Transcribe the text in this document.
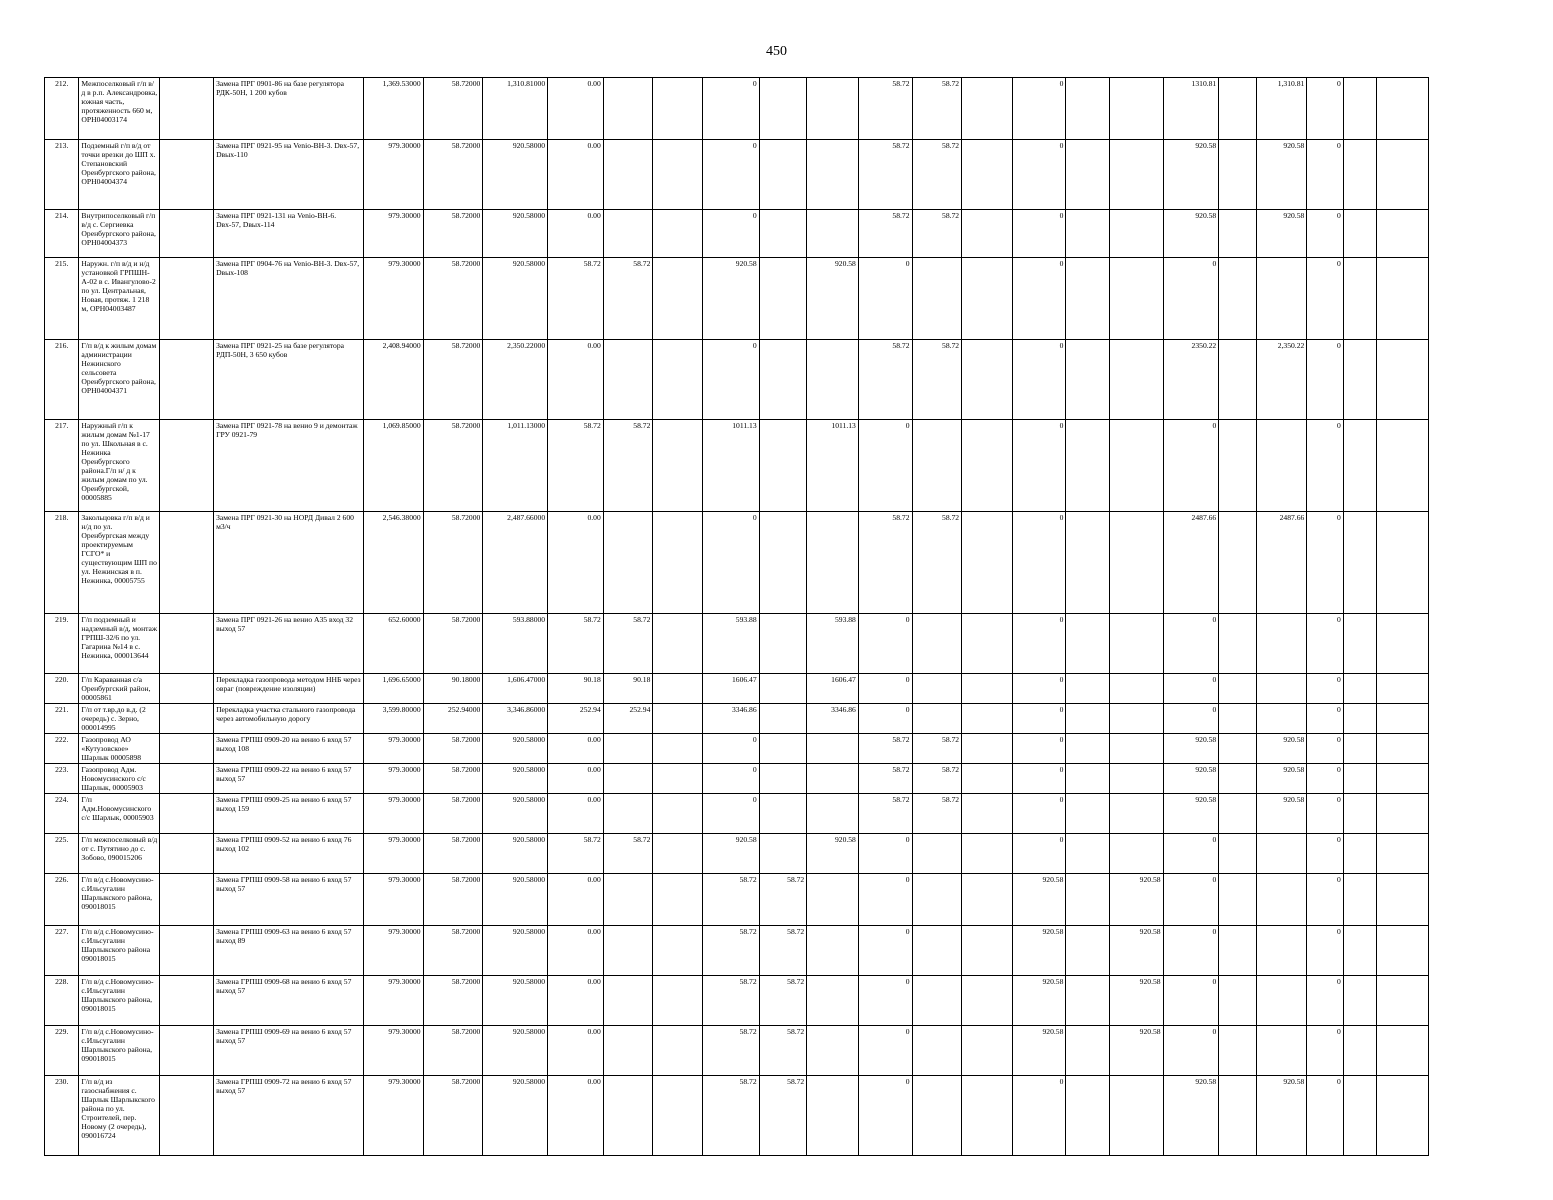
450
212.	Межпоселковый г/п в/д в р.п. Александровка, южная часть, протяженность 660 м, ОРН04003174		Замена ПРГ 0901-86 на базе регулятора РДК-50Н, 1 200 кубов	1,369.53000	58.72000	1,310.81000	0.00			0			58.72	58.72		0			1310.81		1,310.81	0		
213.	Подземный г/п в/д от точки врезки до ШП х. Степановский Оренбургского района, ОРН04004374		Замена ПРГ 0921-95 на Venio-ВН-3. Dвх-57, Dвых-110	979.30000	58.72000	920.58000	0.00			0			58.72	58.72		0			920.58		920.58	0		
214.	Внутрипоселковый г/п в/д с. Сергиевка Оренбургского района, ОРН04004373		Замена ПРГ 0921-131 на Venio-ВН-6. Dвх-57, Dвых-114	979.30000	58.72000	920.58000	0.00			0			58.72	58.72		0			920.58		920.58	0		
215.	Наружн. г/п в/д и н/д установкой ГРПШН-А-02 в с. Ивангулово-2 по ул. Центральная, Новая, протяж. 1 218 м, ОРН04003487		Замена ПРГ 0904-76 на Venio-ВН-3. Dвх-57, Dвых-108	979.30000	58.72000	920.58000	58.72	58.72		920.58		920.58	0			0			0			0		
216.	Г/п в/д к жилым домам администрации Нежинского сельсовета Оренбургского района, ОРН04004371		Замена ПРГ 0921-25 на базе регулятора РДП-50Н, 3 650 кубов	2,408.94000	58.72000	2,350.22000	0.00			0			58.72	58.72		0			2350.22		2,350.22	0		
217.	Наружный г/п к жилым домам №1-17 по ул. Школьная в с. Нежинка Оренбургского района.Г/п н/ д к жилым домам по ул. Оренбургской, 00005885		Замена ПРГ 0921-78 на венио 9 и демонтаж ГРУ 0921-79	1,069.85000	58.72000	1,011.13000	58.72	58.72		1011.13		1011.13	0			0			0			0		
218.	Закольцовка г/п в/д и н/д по ул. Оренбургская между проектируемым ГСГО* и существующим ШП по ул. Нежинская в п. Нежинка, 00005755		Замена ПРГ 0921-30 на НОРД Дивал 2 600 м3/ч	2,546.38000	58.72000	2,487.66000	0.00			0			58.72	58.72		0			2487.66		2487.66	0		
219.	Г/п подземный и надземный в/д, монтаж ГРПШ-32/6 по ул. Гагарина №14 в с. Нежинка, 000013644		Замена ПРГ 0921-26 на венио А35 вход 32 выход 57	652.60000	58.72000	593.88000	58.72	58.72		593.88		593.88	0			0			0			0		
220.	Г/п Караванная с/а Оренбургский район, 00005861		Перекладка газопровода методом ННБ через овраг (повреждение изоляции)	1,696.65000	90.18000	1,606.47000	90.18	90.18		1606.47		1606.47	0			0			0			0		
221.	Г/п от т.вр.до в.д. (2 очередь) с. Зерно, 000014995		Перекладка участка стального газопровода через автомобильную дорогу	3,599.80000	252.94000	3,346.86000	252.94	252.94		3346.86		3346.86	0			0			0			0		
222.	Газопровод АО «Кутузовское» Шарлык 00005898		Замена ГРПШ 0909-20 на венио 6 вход 57 выход 108	979.30000	58.72000	920.58000	0.00			0			58.72	58.72		0			920.58		920.58	0		
223.	Газопровод Адм. Новомусинского с/с Шарлык, 00005903		Замена ГРПШ 0909-22 на венио 6 вход 57 выход 57	979.30000	58.72000	920.58000	0.00			0			58.72	58.72		0			920.58		920.58	0		
224.	Г/п Адм.Новомусинского с/с Шарлык, 00005903		Замена ГРПШ 0909-25 на венио 6 вход 57 выход 159	979.30000	58.72000	920.58000	0.00			0			58.72	58.72		0			920.58		920.58	0		
225.	Г/п межпоселковый в/д от с. Путятино до с. Зобово, 090015206		Замена ГРПШ 0909-52 на венио 6 вход 76 выход 102	979.30000	58.72000	920.58000	58.72	58.72		920.58		920.58	0			0			0			0		
226.	Г/п в/д с.Новомусино-с.Ильсугалин Шарлыкского района, 090018015		Замена ГРПШ 0909-58 на венио 6 вход 57 выход 57	979.30000	58.72000	920.58000	0.00			58.72	58.72		0			920.58		920.58	0			0		
227.	Г/п в/д с.Новомусино-с.Ильсугалин Шарлыкского района 090018015		Замена ГРПШ 0909-63 на венио 6 вход 57 выход 89	979.30000	58.72000	920.58000	0.00			58.72	58.72		0			920.58		920.58	0			0		
228.	Г/п в/д с.Новомусино-с.Ильсугалин Шарлыкского района, 090018015		Замена ГРПШ 0909-68 на венио 6 вход 57 выход 57	979.30000	58.72000	920.58000	0.00			58.72	58.72		0			920.58		920.58	0			0		
229.	Г/п в/д с.Новомусино-с.Ильсугалин Шарлыкского района, 090018015		Замена ГРПШ 0909-69 на венио 6 вход 57 выход 57	979.30000	58.72000	920.58000	0.00			58.72	58.72		0			920.58		920.58	0			0		
230.	Г/п в/д из газоснабжения с. Шарлык Шарлыкского района по ул. Строителей, пер. Новому (2 очередь), 090016724		Замена ГРПШ 0909-72 на венио 6 вход 57 выход 57	979.30000	58.72000	920.58000	0.00			58.72	58.72		0			0			920.58		920.58	0		
